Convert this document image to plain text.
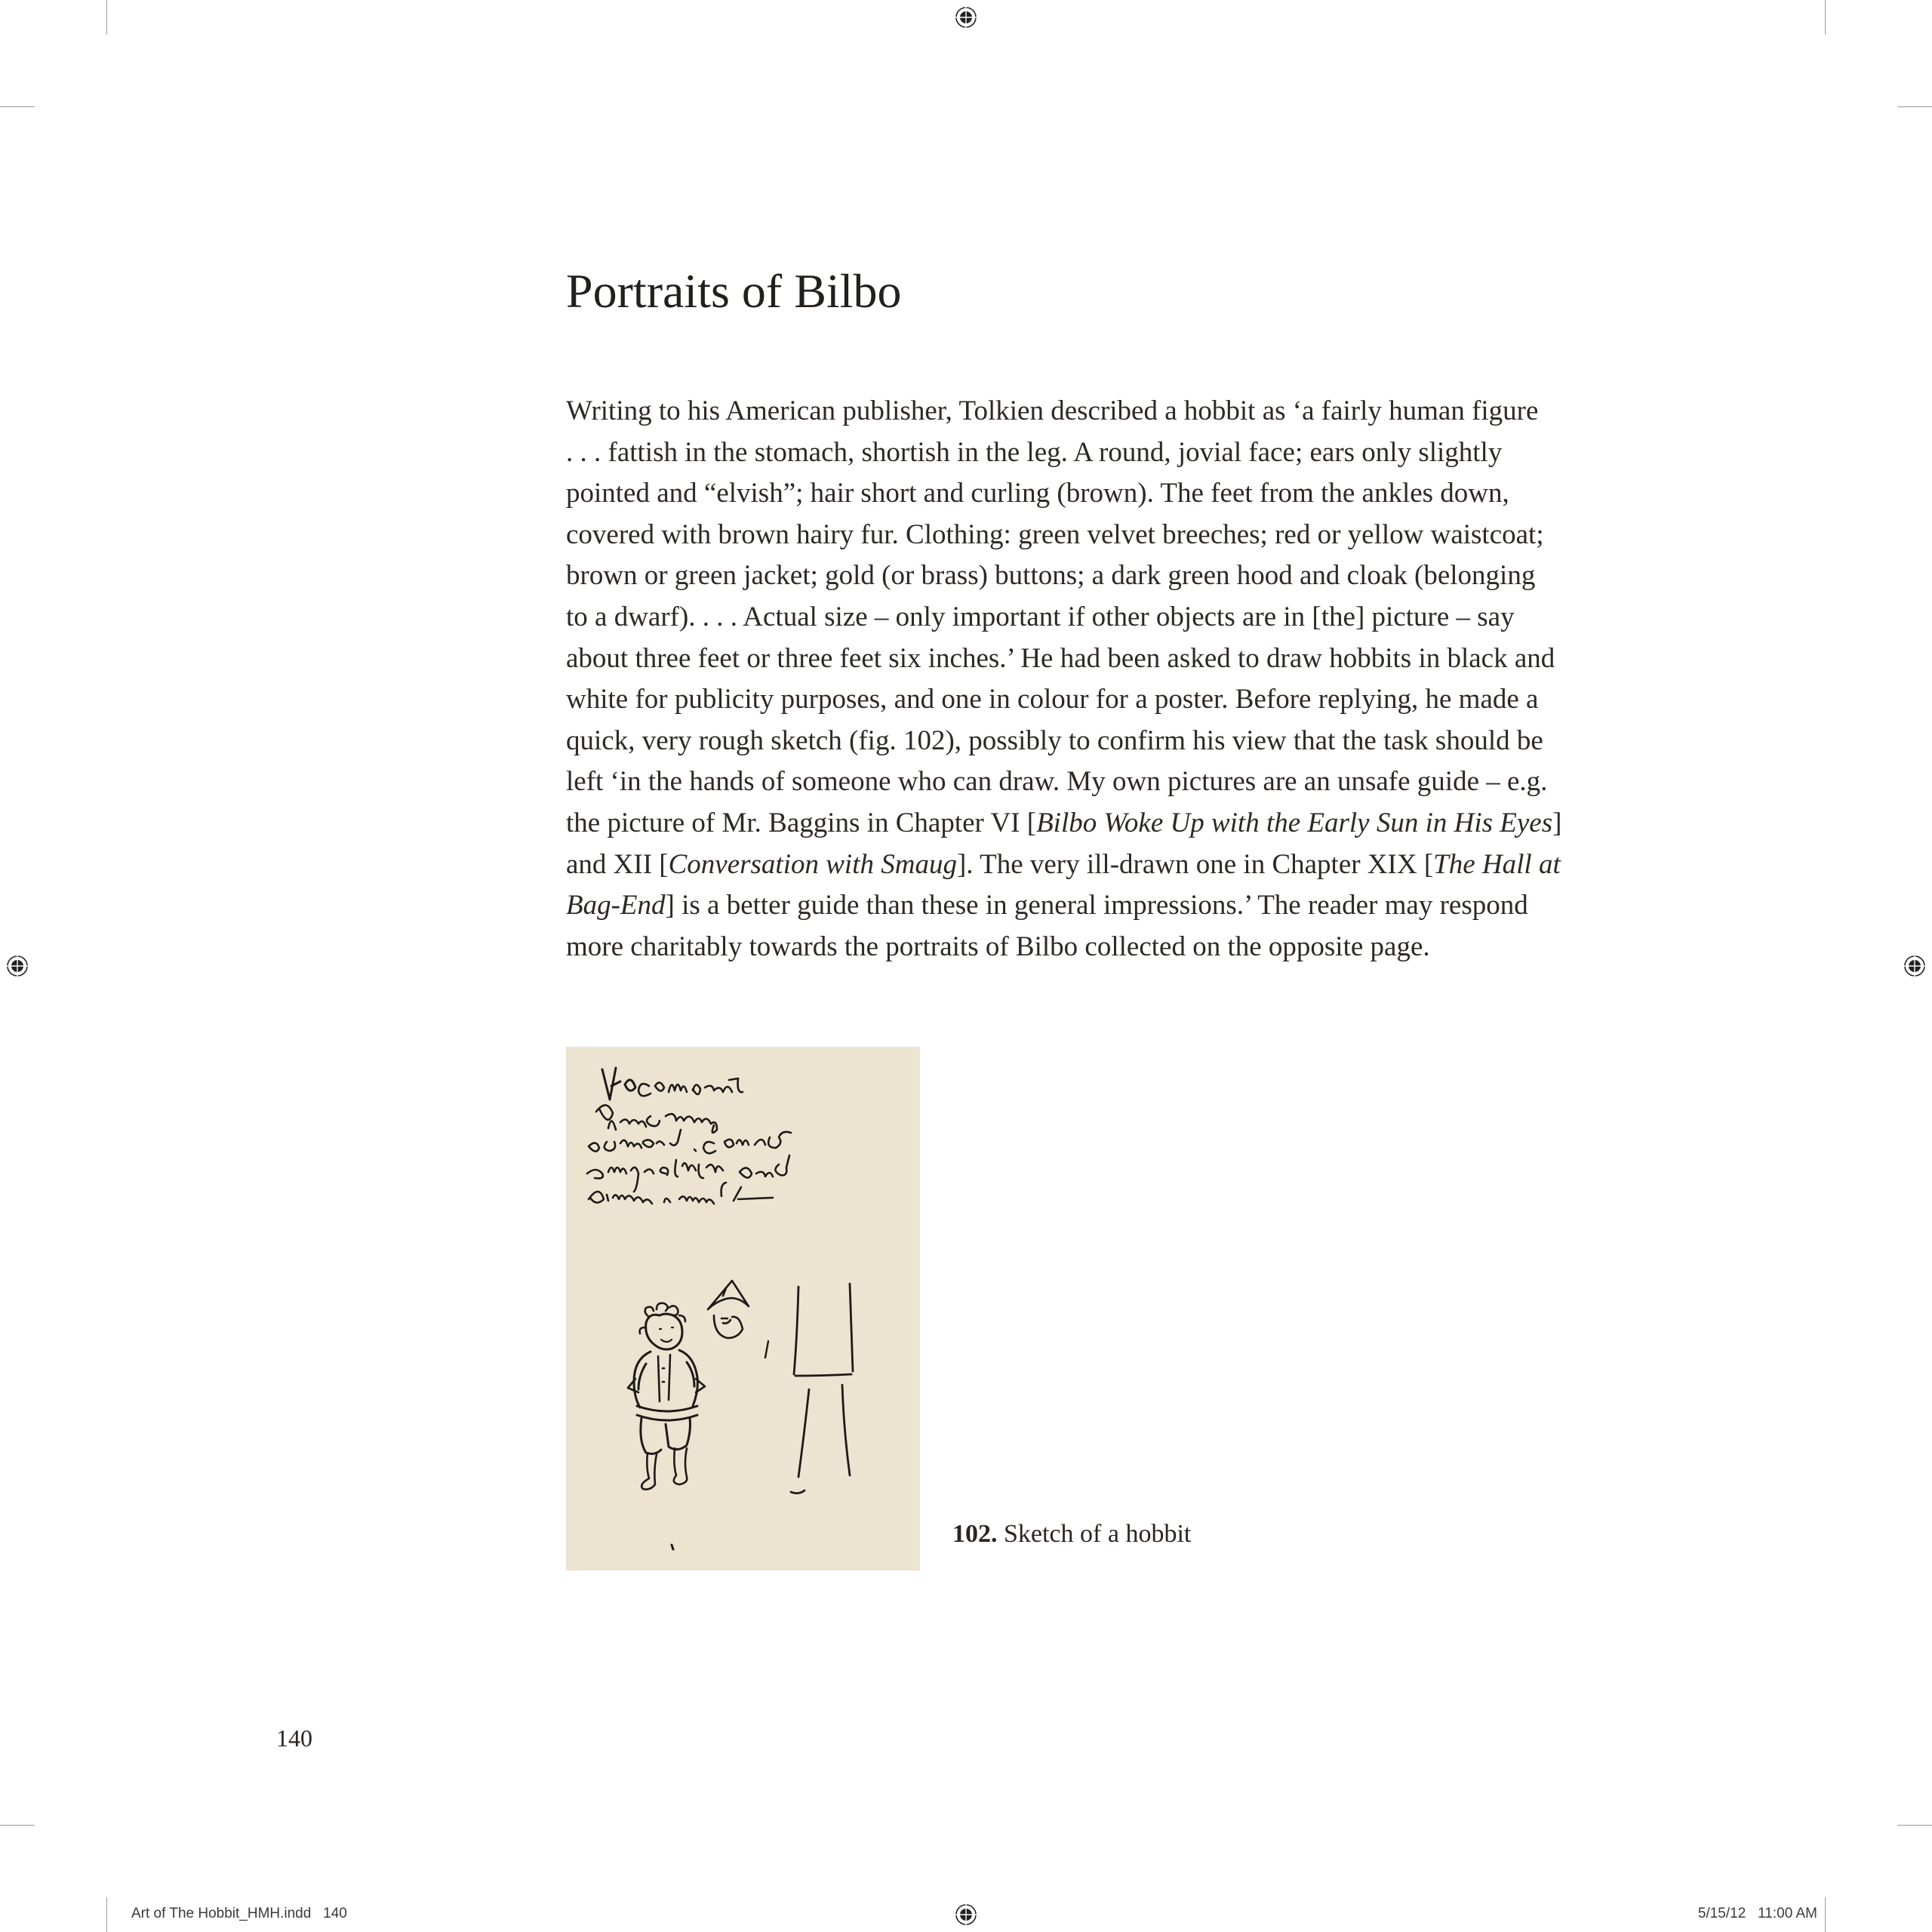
Portraits of Bilbo
Writing to his American publisher, Tolkien described a hobbit as ‘a fairly human figure
. . . fattish in the stomach, shortish in the leg. A round, jovial face; ears only slightly
pointed and “elvish”; hair short and curling (brown). The feet from the ankles down,
covered with brown hairy fur. Clothing: green velvet breeches; red or yellow waistcoat;
brown or green jacket; gold (or brass) buttons; a dark green hood and cloak (belonging
to a dwarf). . . . Actual size – only important if other objects are in [the] picture – say
about three feet or three feet six inches.’ He had been asked to draw hobbits in black and
white for publicity purposes, and one in colour for a poster. Before replying, he made a
quick, very rough sketch (fig. 102), possibly to confirm his view that the task should be
left ‘in the hands of someone who can draw. My own pictures are an unsafe guide – e.g.
the picture of Mr. Baggins in Chapter VI [Bilbo Woke Up with the Early Sun in His Eyes]
and XII [Conversation with Smaug]. The very ill-drawn one in Chapter XIX [The Hall at
Bag-End] is a better guide than these in general impressions.’ The reader may respond
more charitably towards the portraits of Bilbo collected on the opposite page.
102. Sketch of a hobbit
140
Art of The Hobbit_HMH.indd   140	5/15/12   11:00 AM
